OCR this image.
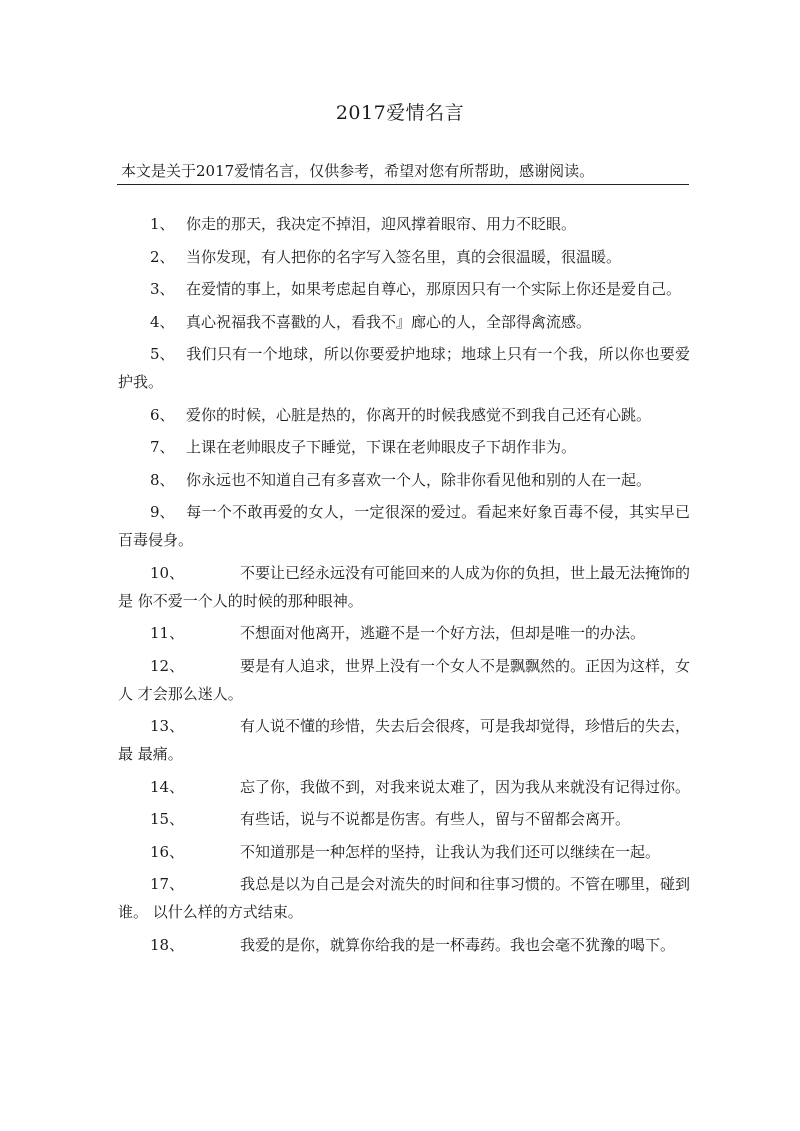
2017爱情名言
本文是关于2017爱情名言，仅供参考，希望对您有所帮助，感谢阅读。

1、 你走的那天，我决定不掉泪，迎风撑着眼帘、用力不眨眼。

2、 当你发现，有人把你的名字写入签名里，真的会很温暖，很温暖。

3、 在爱情的事上，如果考虑起自尊心，那原因只有一个实际上你还是爱自己。

4、 真心祝福我不喜戳的人，看我不』廊心的人，全部得禽流感。

5、 我们只有一个地球，所以你要爱护地球；地球上只有一个我，所以你也要爱护我。

6、 爱你的时候，心脏是热的，你离开的时候我感觉不到我自己还有心跳。

7、 上课在老帅眼皮子下睡觉，下课在老帅眼皮子下胡作非为。

8、 你永远也不知道自己有多喜欢一个人，除非你看见他和别的人在一起。

9、 每一个不敢再爱的女人，一定很深的爱过。看起来好象百毒不侵，其实早已百毒侵身。

10、	不要让已经永远没有可能回来的人成为你的负担，世上最无法掩饰的是 你不爱一个人的时候的那种眼神。

11、	不想面对他离开，逃避不是一个好方法，但却是唯一的办法。

12、	要是有人追求，世界上没有一个女人不是飘飘然的。正因为这样，女人 才会那么迷人。

13、	有人说不懂的珍惜，失去后会很疼，可是我却觉得，珍惜后的失去，最 最痛。

14、	忘了你，我做不到，对我来说太难了，因为我从来就没有记得过你。

15、	有些话，说与不说都是伤害。有些人，留与不留都会离开。

16、	不知道那是一种怎样的坚持，让我认为我们还可以继续在一起。

17、	我总是以为自己是会对流失的时间和往事习惯的。不管在哪里，碰到谁。 以什么样的方式结束。

18、	我爱的是你，就算你给我的是一杯毒药。我也会毫不犹豫的喝下。
